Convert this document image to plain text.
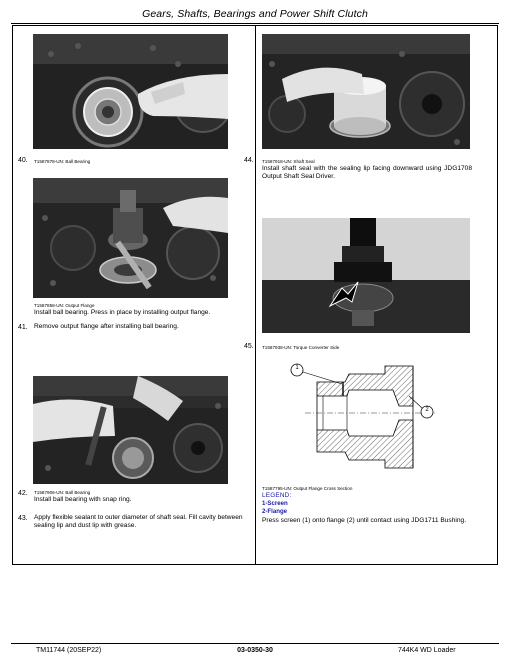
Gears, Shafts, Bearings and Power Shift Clutch
40. T1587878-UN: Ball Bearing
T1587858-UN: Output Flange
Install ball bearing. Press in place by installing output flange.
41. Remove output flange after installing ball bearing.
42. T1587906-UN: Ball Bearing
Install ball bearing with snap ring.
43. Apply flexible sealant to outer diameter of shaft seal. Fill cavity between sealing lip and dust lip with grease.
44. T1587918-UN: Shaft Seal
Install shaft seal with the sealing lip facing downward using JDG1708 Output Shaft Seal Driver.
45. T1587938-UN: Torque Converter Side
1
2
T1587795-UN: Output Flange Cross Section
LEGEND:
1-Screen
2-Flange
Press screen (1) onto flange (2) until contact using JDG1711 Bushing.
TM11744 (20SEP22)	03-0350-30	744K4 WD Loader
